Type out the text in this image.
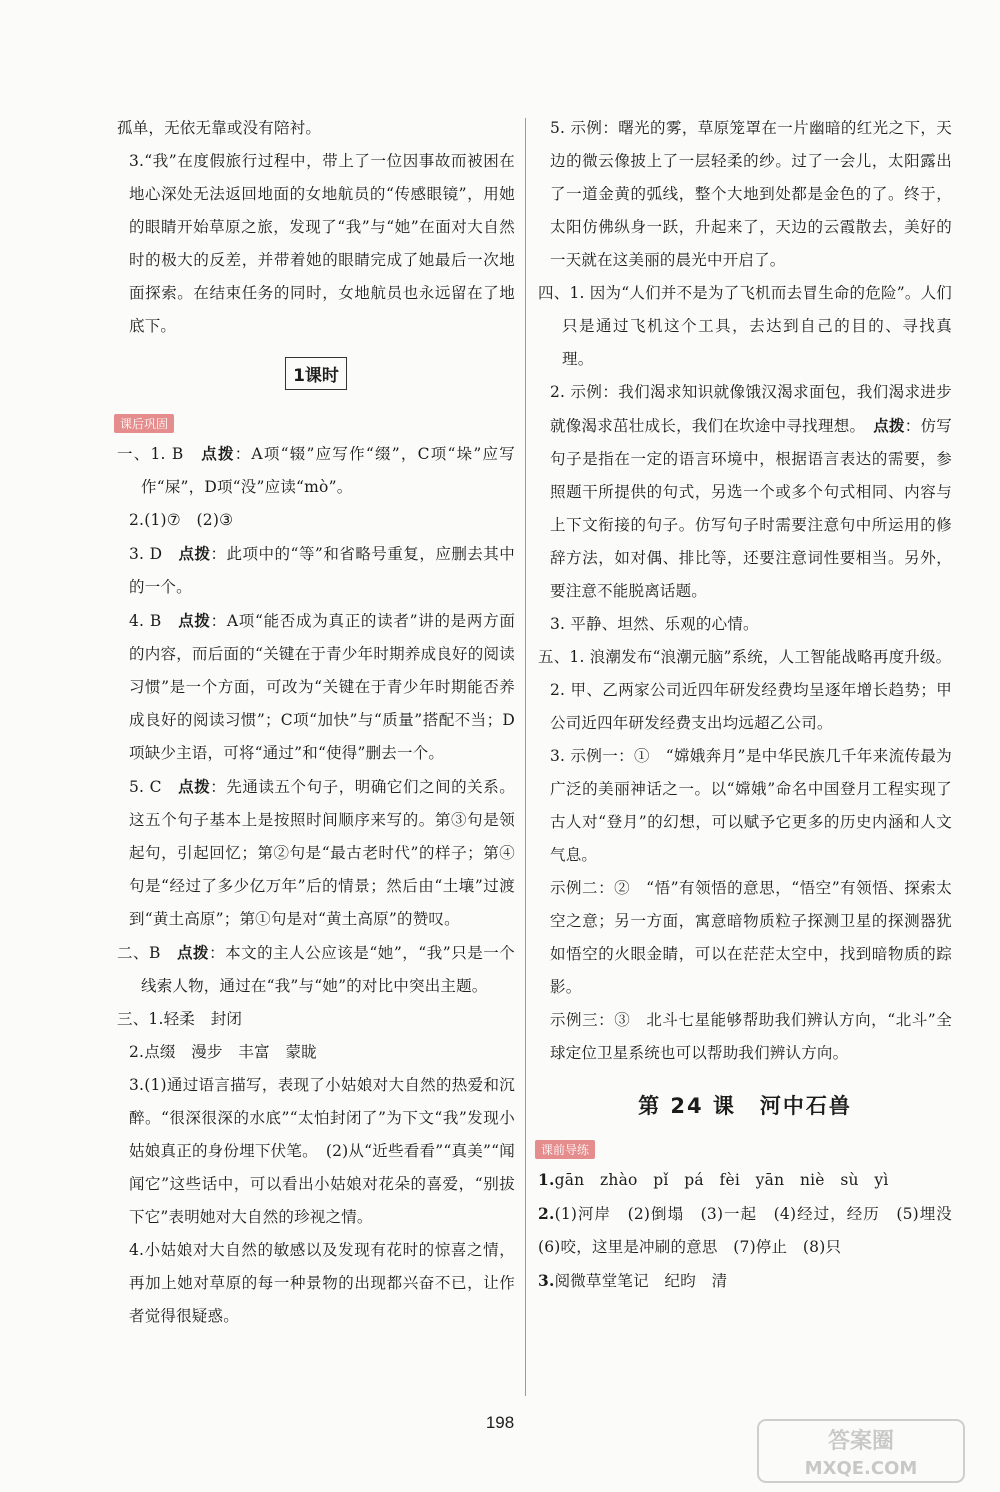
孤单，无依无靠或没有陪衬。

3.“我”在度假旅行过程中，带上了一位因事故而被困在地心深处无法返回地面的女地航员的“传感眼镜”，用她的眼睛开始草原之旅，发现了“我”与“她”在面对大自然时的极大的反差，并带着她的眼睛完成了她最后一次地面探索。在结束任务的同时，女地航员也永远留在了地底下。

1课时
课后巩固

一、1. B　 点拨：A项“辍”应写作“缀”，C项“垛”应写作“屎”，D项“没”应读“mò”。

2.(1)⑦　(2)③

3. D　 点拨：此项中的“等”和省略号重复，应删去其中的一个。

4. B　 点拨：A项“能否成为真正的读者”讲的是两方面的内容，而后面的“关键在于青少年时期养成良好的阅读习惯”是一个方面，可改为“关键在于青少年时期能否养成良好的阅读习惯”；C项“加快”与“质量”搭配不当；D项缺少主语，可将“通过”和“使得”删去一个。

5. C　 点拨：先通读五个句子，明确它们之间的关系。这五个句子基本上是按照时间顺序来写的。第③句是领起句，引起回忆；第②句是“最古老时代”的样子；第④句是“经过了多少亿万年”后的情景；然后由“土壤”过渡到“黄土高原”；第①句是对“黄土高原”的赞叹。

二、B　 点拨：本文的主人公应该是“她”，“我”只是一个线索人物，通过在“我”与“她”的对比中突出主题。

三、1.轻柔　封闭

2.点缀　漫步　丰富　蒙眬

3.(1)通过语言描写，表现了小姑娘对大自然的热爱和沉醉。“很深很深的水底”“太怕封闭了”为下文“我”发现小姑娘真正的身份埋下伏笔。　(2)从“近些看看”“真美”“闻闻它”这些话中，可以看出小姑娘对花朵的喜爱，“别拔下它”表明她对大自然的珍视之情。

4.小姑娘对大自然的敏感以及发现有花时的惊喜之情，再加上她对草原的每一种景物的出现都兴奋不已，让作者觉得很疑惑。

5. 示例：曙光的雾，草原笼罩在一片幽暗的红光之下，天边的微云像披上了一层轻柔的纱。过了一会儿，太阳露出了一道金黄的弧线，整个大地到处都是金色的了。终于，太阳仿佛纵身一跃，升起来了，天边的云霞散去，美好的一天就在这美丽的晨光中开启了。

四、1. 因为“人们并不是为了飞机而去冒生命的危险”。人们只是通过飞机这个工具，去达到自己的目的、寻找真理。

2. 示例：我们渴求知识就像饿汉渴求面包，我们渴求进步就像渴求茁壮成长，我们在坎途中寻找理想。　点拨：仿写句子是指在一定的语言环境中，根据语言表达的需要，参照题干所提供的句式，另选一个或多个句式相同、内容与上下文衔接的句子。仿写句子时需要注意句中所运用的修辞方法，如对偶、排比等，还要注意词性要相当。另外，要注意不能脱离话题。

3. 平静、坦然、乐观的心情。

五、1. 浪潮发布“浪潮元脑”系统，人工智能战略再度升级。

2. 甲、乙两家公司近四年研发经费均呈逐年增长趋势；甲公司近四年研发经费支出均远超乙公司。

3. 示例一：①　“嫦娥奔月”是中华民族几千年来流传最为广泛的美丽神话之一。以“嫦娥”命名中国登月工程实现了古人对“登月”的幻想，可以赋予它更多的历史内涵和人文气息。

示例二：②　“悟”有领悟的意思，“悟空”有领悟、探索太空之意；另一方面，寓意暗物质粒子探测卫星的探测器犹如悟空的火眼金睛，可以在茫茫太空中，找到暗物质的踪影。

示例三：③　北斗七星能够帮助我们辨认方向，“北斗”全球定位卫星系统也可以帮助我们辨认方向。

第 24 课 河中石兽
课前导练

1.gān　zhào　pǐ　pá　fèi　yān　niè　sù　yì

2.(1)河岸　(2)倒塌　(3)一起　(4)经过，经历　(5)埋没　(6)咬，这里是冲刷的意思　(7)停止　(8)只

3.阅微草堂笔记　纪昀　清

198
答案圈
MXQE.COM
